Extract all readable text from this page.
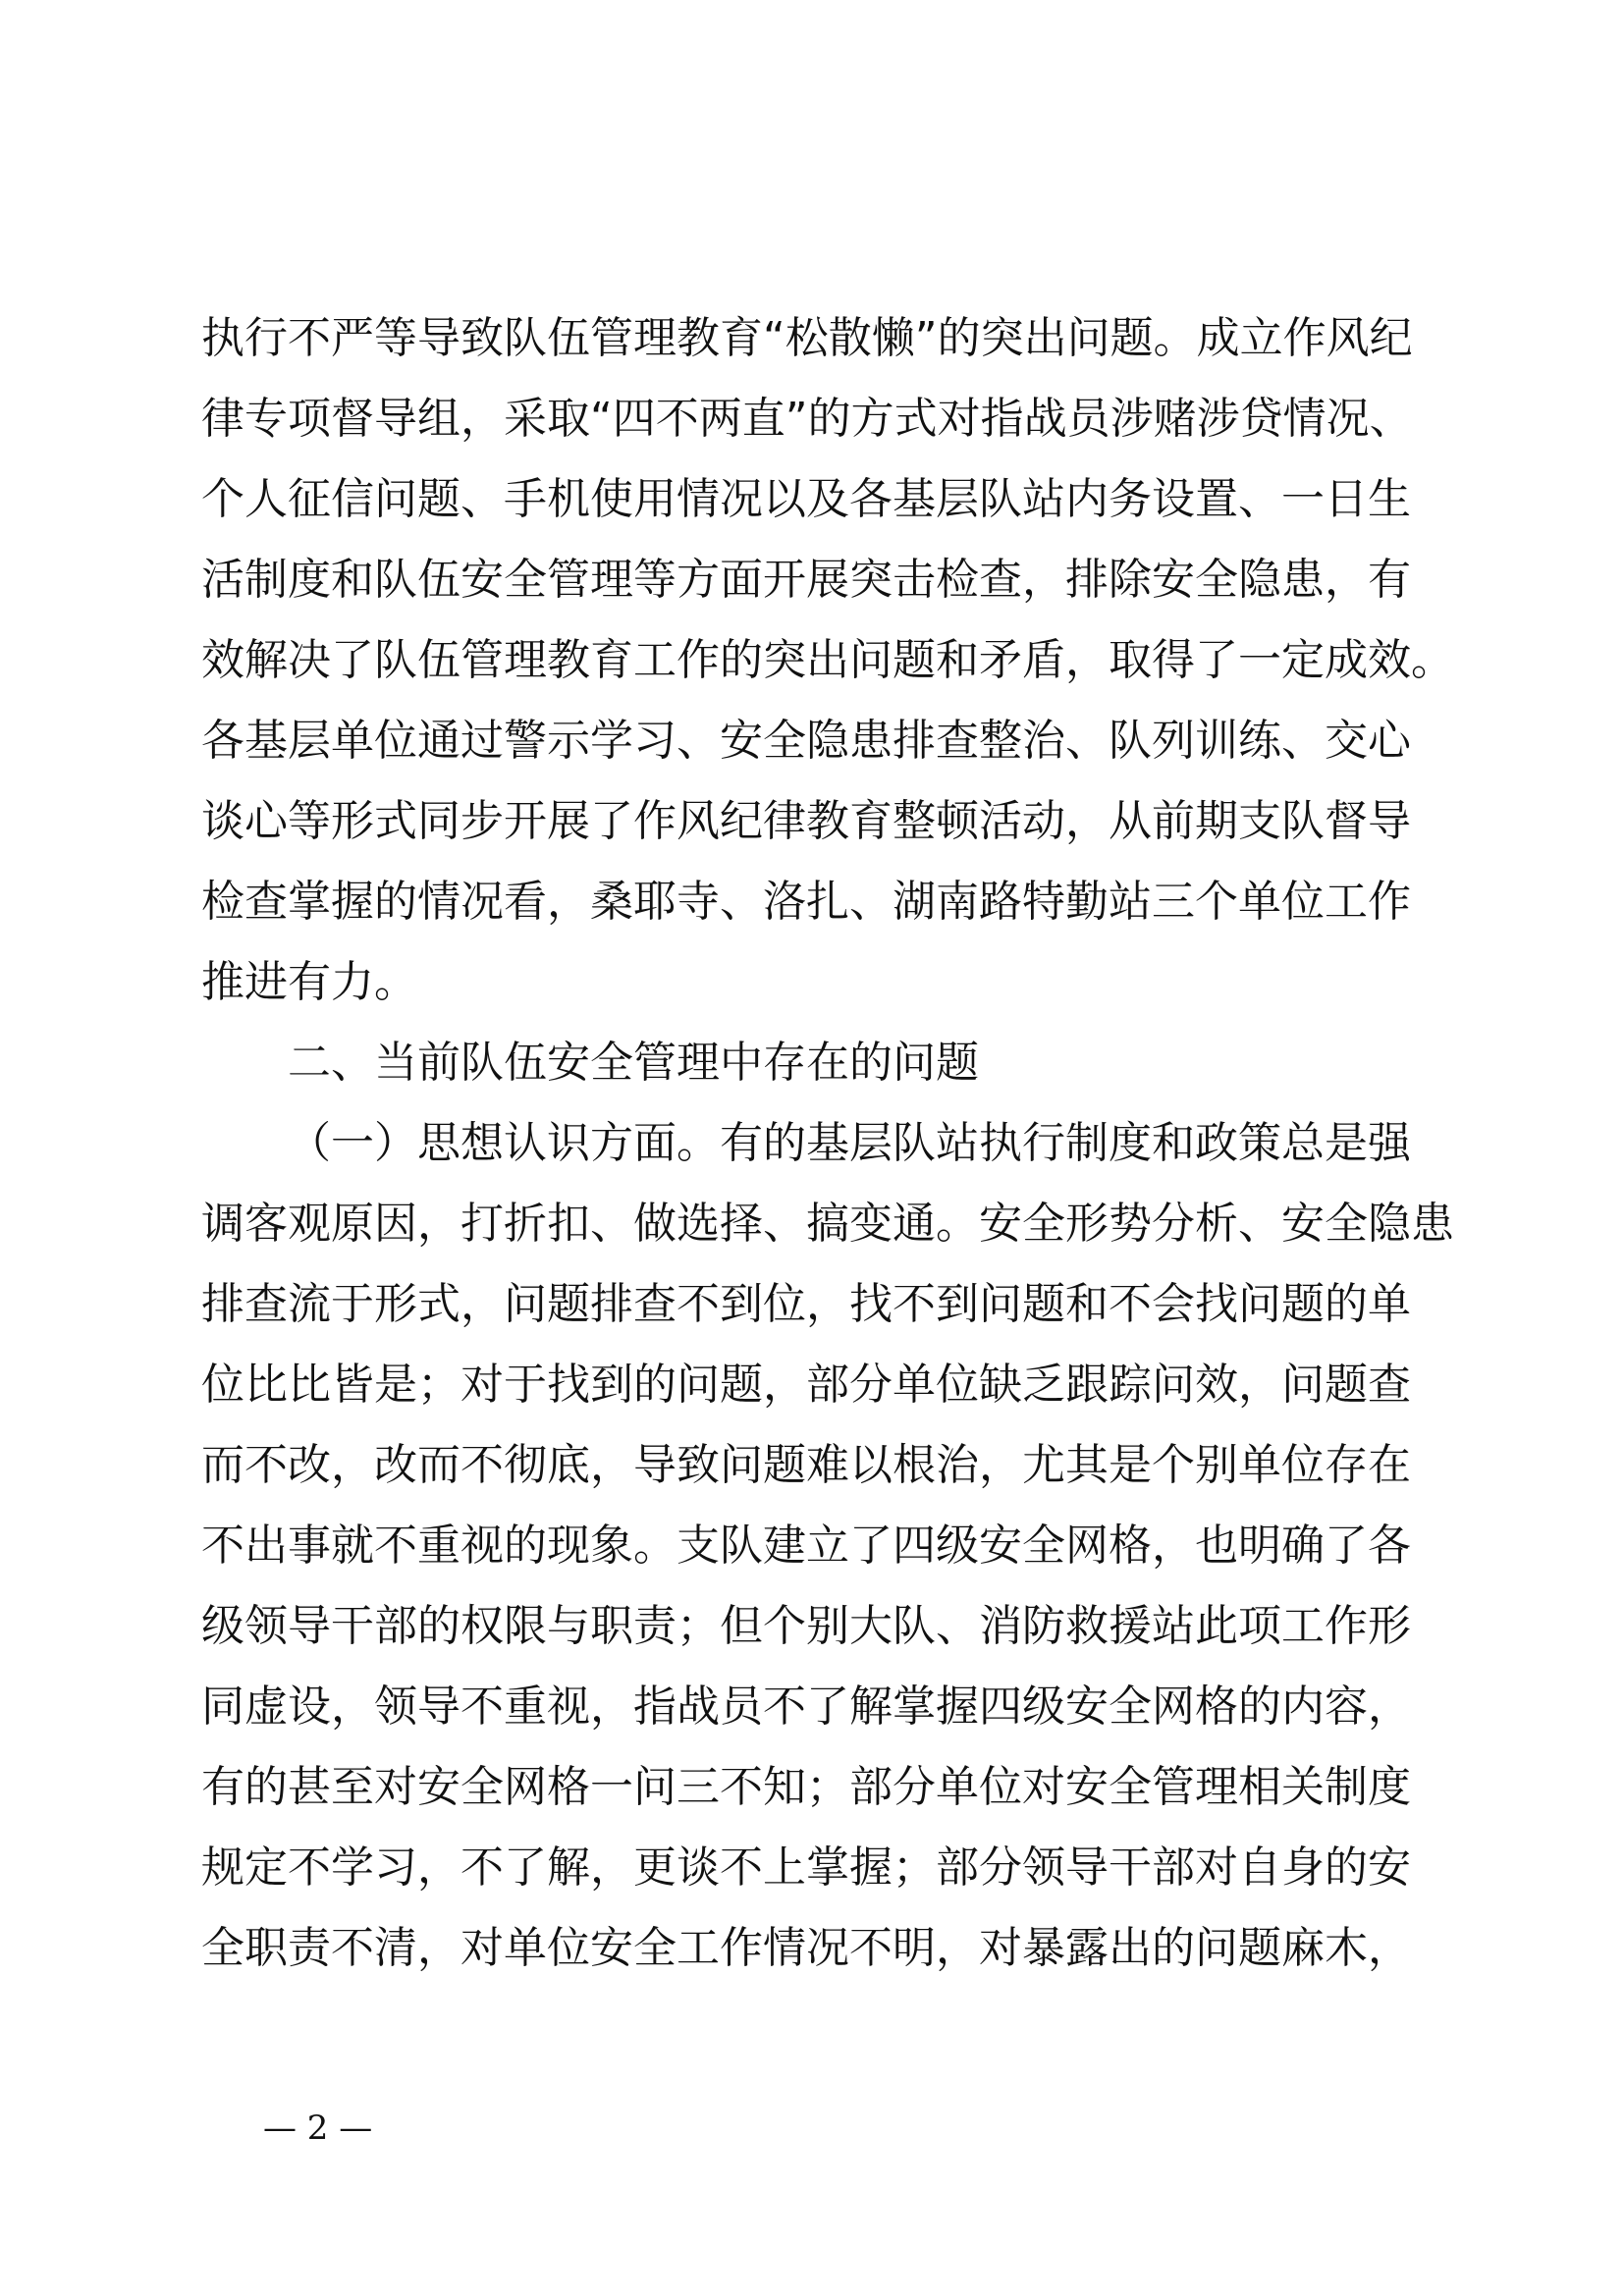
执行不严等导致队伍管理教育“松散懒”的突出问题。成立作风纪
律专项督导组，采取“四不两直”的方式对指战员涉赌涉贷情况、
个人征信问题、手机使用情况以及各基层队站内务设置、一日生
活制度和队伍安全管理等方面开展突击检查，排除安全隐患，有
效解决了队伍管理教育工作的突出问题和矛盾，取得了一定成效。
各基层单位通过警示学习、安全隐患排查整治、队列训练、交心
谈心等形式同步开展了作风纪律教育整顿活动，从前期支队督导
检查掌握的情况看，桑耶寺、洛扎、湖南路特勤站三个单位工作
推进有力。
二、当前队伍安全管理中存在的问题
（一）思想认识方面。有的基层队站执行制度和政策总是强
调客观原因，打折扣、做选择、搞变通。安全形势分析、安全隐患
排查流于形式，问题排查不到位，找不到问题和不会找问题的单
位比比皆是；对于找到的问题，部分单位缺乏跟踪问效，问题查
而不改，改而不彻底，导致问题难以根治，尤其是个别单位存在
不出事就不重视的现象。支队建立了四级安全网格，也明确了各
级领导干部的权限与职责；但个别大队、消防救援站此项工作形
同虚设，领导不重视，指战员不了解掌握四级安全网格的内容，
有的甚至对安全网格一问三不知；部分单位对安全管理相关制度
规定不学习，不了解，更谈不上掌握；部分领导干部对自身的安
全职责不清，对单位安全工作情况不明，对暴露出的问题麻木，
— 2 —
